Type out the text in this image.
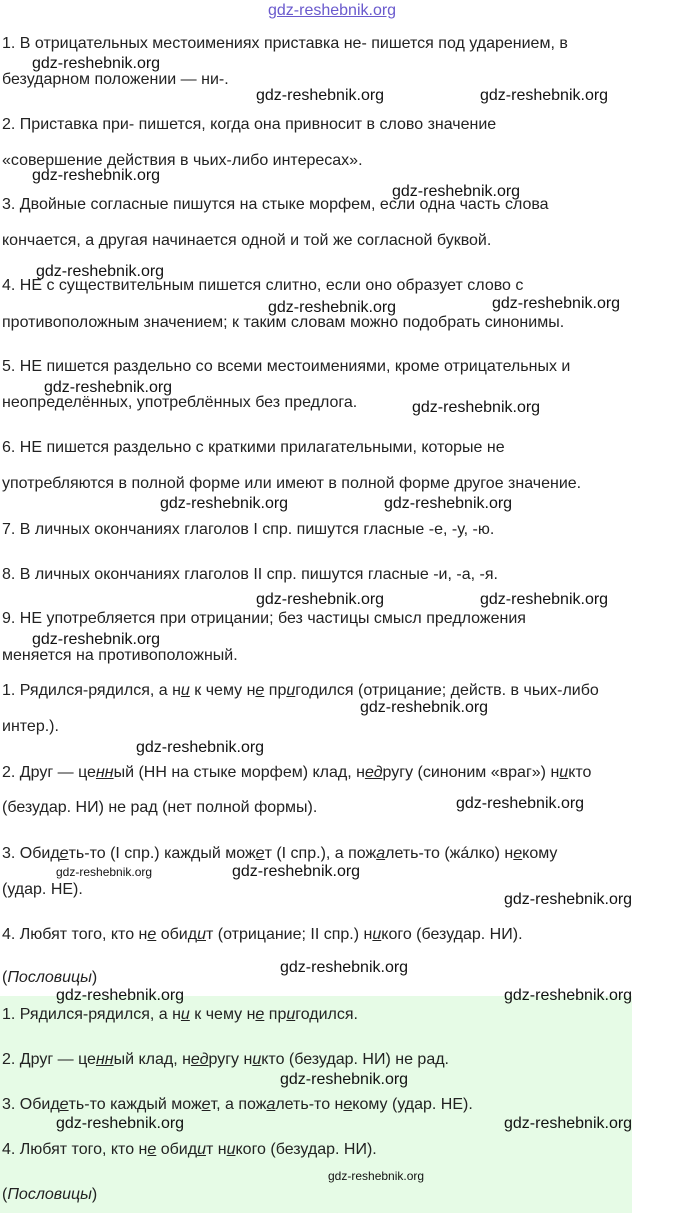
gdz-reshebnik.org
1. В отрицательных местоимениях приставка не- пишется под ударением, в
безударном положении — ни-.
2. Приставка при- пишется, когда она привносит в слово значение
«совершение действия в чьих-либо интересах».
3. Двойные согласные пишутся на стыке морфем, если одна часть слова
кончается, а другая начинается одной и той же согласной буквой.
4. НЕ с существительным пишется слитно, если оно образует слово с
противоположным значением; к таким словам можно подобрать синонимы.
5. НЕ пишется раздельно со всеми местоимениями, кроме отрицательных и
неопределённых, употреблённых без предлога.
6. НЕ пишется раздельно с краткими прилагательными, которые не
употребляются в полной форме или имеют в полной форме другое значение.
7. В личных окончаниях глаголов I спр. пишутся гласные -е, -у, -ю.
8. В личных окончаниях глаголов II спр. пишутся гласные -и, -а, -я.
9. НЕ употребляется при отрицании; без частицы смысл предложения
меняется на противоположный.
1. Рядился-рядился, а ни к чему не пригодился (отрицание; действ. в чьих-либо
интер.).
2. Друг — ценный (НН на стыке морфем) клад, недругу (синоним «враг») никто
(безудар. НИ) не рад (нет полной формы).
3. Обидеть-то (I спр.) каждый может (I спр.), а пожалеть-то (жáлко) некому
(удар. НЕ).
4. Любят того, кто не обидит (отрицание; II спр.) никого (безудар. НИ).
(Пословицы)
1. Рядился-рядился, а ни к чему не пригодился.
2. Друг — ценный клад, недругу никто (безудар. НИ) не рад.
3. Обидеть-то каждый может, а пожалеть-то некому (удар. НЕ).
4. Любят того, кто не обидит никого (безудар. НИ).
(Пословицы)
gdz-reshebnik.org
gdz-reshebnik.org	gdz-reshebnik.org
gdz-reshebnik.org
gdz-reshebnik.org
gdz-reshebnik.org
gdz-reshebnik.org
gdz-reshebnik.org
gdz-reshebnik.org
gdz-reshebnik.org
gdz-reshebnik.org	gdz-reshebnik.org
gdz-reshebnik.org	gdz-reshebnik.org
gdz-reshebnik.org
gdz-reshebnik.org
gdz-reshebnik.org
gdz-reshebnik.org
gdz-reshebnik.org	gdz-reshebnik.org
gdz-reshebnik.org
gdz-reshebnik.org
gdz-reshebnik.org	gdz-reshebnik.org
gdz-reshebnik.org
gdz-reshebnik.org	gdz-reshebnik.org
gdz-reshebnik.org
